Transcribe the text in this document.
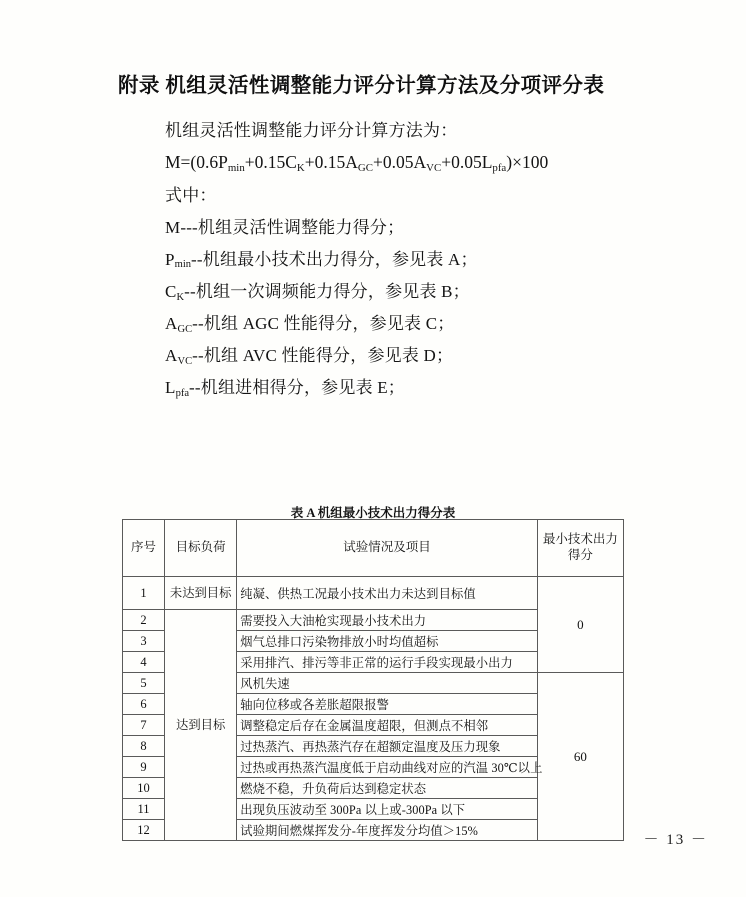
附录 机组灵活性调整能力评分计算方法及分项评分表

机组灵活性调整能力评分计算方法为：

$M=(0.6P_{min}+0.15C_K+0.15A_{GC}+0.05A_{VC}+0.05L_{pfa})\times 100$

式中：

M---机组灵活性调整能力得分；

$P_{min}--$机组最小技术出力得分，参见表 A；

$C_K--$机组一次调频能力得分，参见表 B；

$A_{GC}--$机组 AGC 性能得分，参见表 C；

$A_{VC}--$机组 AVC 性能得分，参见表 D；

$L_{pfa}--$机组进相得分，参见表 E；

表 A 机组最小技术出力得分表
序号	目标负荷	试验情况及项目	最小技术出力得分
1	未达到目标	纯凝、供热工况最小技术出力未达到目标值	0
2	达到目标	需要投入大油枪实现最小技术出力	
3		烟气总排口污染物排放小时均值超标	
4		采用排汽、排污等非正常的运行手段实现最小出力	
5		风机失速	60
6		轴向位移或各差胀超限报警	
7		调整稳定后存在金属温度超限，但测点不相邻	
8		过热蒸汽、再热蒸汽存在超额定温度及压力现象	
9		过热或再热蒸汽温度低于启动曲线对应的汽温 30℃以上	
10		燃烧不稳，升负荷后达到稳定状态	
11		出现负压波动至 300Pa 以上或-300Pa 以下	
12		试验期间燃煤挥发分-年度挥发分均值＞15%	
－ 13 －
